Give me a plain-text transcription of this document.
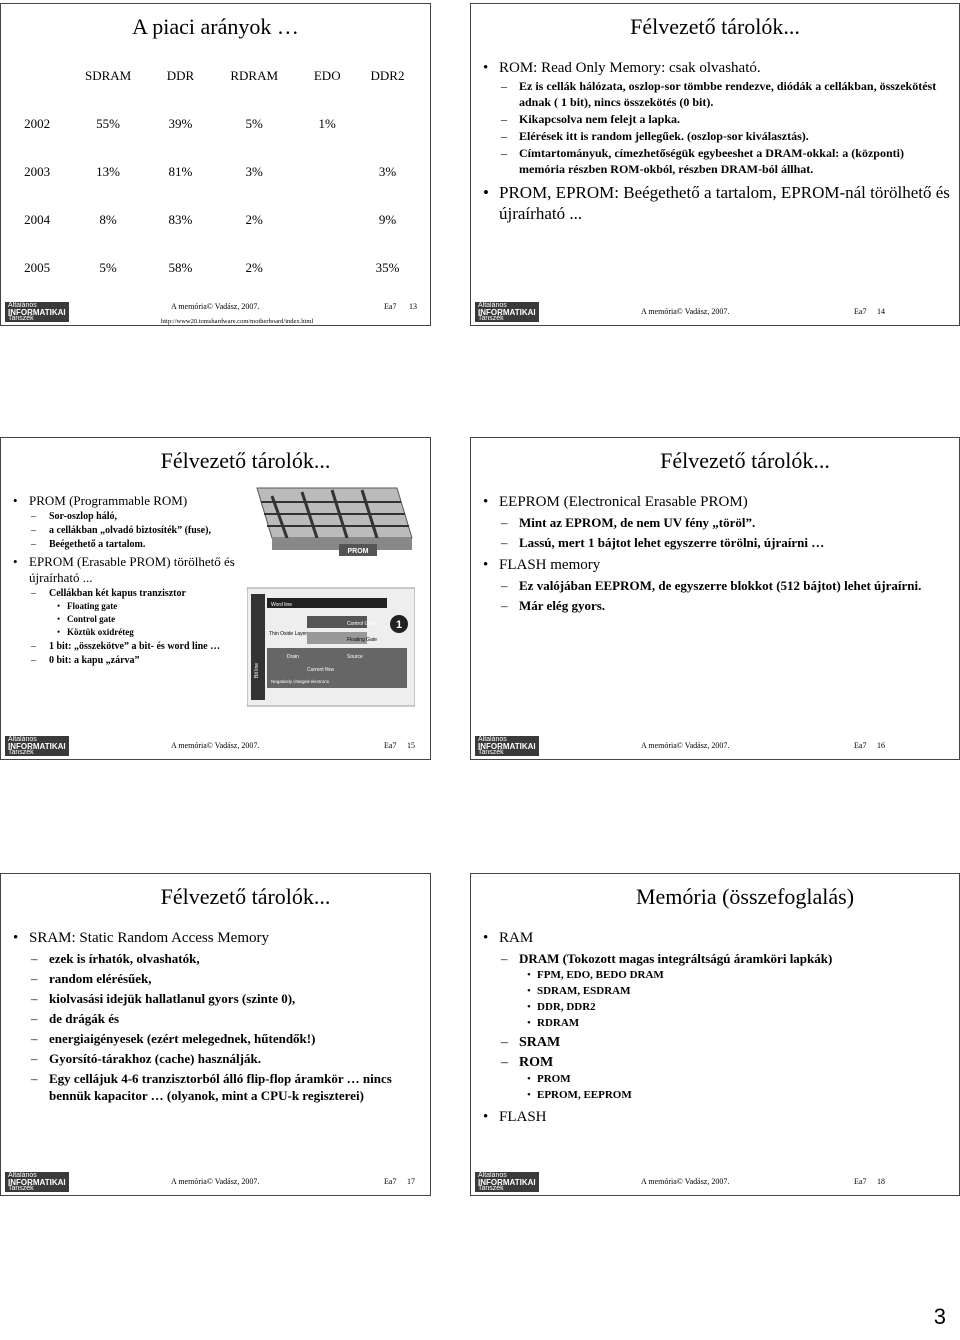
A piaci arányok …
	SDRAM	DDR	RDRAM	EDO	DDR2
2002	55%	39%	5%	1%	
2003	13%	81%	3%		3%
2004	8%	83%	2%		9%
2005	5%	58%	2%		35%
Általános
INFORMATIKAI
Tanszék
A memória© Vadász, 2007.	Ea7 13
http://www20.tomshardware.com/motherboard/index.html
Félvezető tárolók...
• ROM: Read Only Memory: csak olvasható.
– Ez is cellák hálózata, oszlop-sor tömbbe rendezve, diódák a cellákban, összekötést adnak ( 1 bit), nincs összekötés (0 bit).
– Kikapcsolva nem felejt a lapka.
– Elérések itt is random jellegűek. (oszlop-sor kiválasztás).
– Címtartományuk, címezhetőségük egybeeshet a DRAM-okkal: a (központi) memória részben ROM-okból, részben DRAM-ból állhat.
• PROM, EPROM: Beégethető a tartalom, EPROM-nál törölhető és újraírható ...
Általános
INFORMATIKAI
Tanszék
A memória© Vadász, 2007.	Ea7 14
Félvezető tárolók...
• PROM (Programmable ROM)
– Sor-oszlop háló,
– a cellákban „olvadó biztosíték” (fuse),
– Beégethető a tartalom.
• EPROM (Erasable PROM) törölhető és újraírható ...
– Cellákban két kapus tranzisztor
• Floating gate
• Control gate
• Köztük oxidréteg
– 1 bit: „összekötve” a bit- és word line …
– 0 bit: a kapu „zárva”
PROM
Bit line
Word line
Control Gate
Floating Gate
Thin Oxide Layer
Drain	Source
Current flow
Negatively charged electrons
1
Általános
INFORMATIKAI
Tanszék
A memória© Vadász, 2007.	Ea7 15
Félvezető tárolók...
• EEPROM (Electronical Erasable PROM)
– Mint az EPROM, de nem UV fény „töröl”.
– Lassú, mert 1 bájtot lehet egyszerre törölni, újraírni …
• FLASH memory
– Ez valójában EEPROM, de egyszerre blokkot (512 bájtot) lehet újraírni.
– Már elég gyors.
Általános
INFORMATIKAI
Tanszék
A memória© Vadász, 2007.	Ea7 16
Félvezető tárolók...
• SRAM: Static Random Access Memory
– ezek is írhatók, olvashatók,
– random elérésűek,
– kiolvasási idejük hallatlanul gyors (szinte 0),
– de drágák és
– energiaigényesek (ezért melegednek, hűtendők!)
– Gyorsító-tárakhoz (cache) használják.
– Egy cellájuk 4-6 tranzisztorból álló flip-flop áramkör … nincs bennük kapacitor … (olyanok, mint a CPU-k regiszterei)
Általános
INFORMATIKAI
Tanszék
A memória© Vadász, 2007.	Ea7 17
Memória (összefoglalás)
• RAM
– DRAM (Tokozott magas integráltságú áramköri lapkák)
• FPM, EDO, BEDO DRAM
• SDRAM, ESDRAM
• DDR, DDR2
• RDRAM
– SRAM
– ROM
• PROM
• EPROM, EEPROM
• FLASH
Általános
INFORMATIKAI
Tanszék
A memória© Vadász, 2007.	Ea7 18
3
